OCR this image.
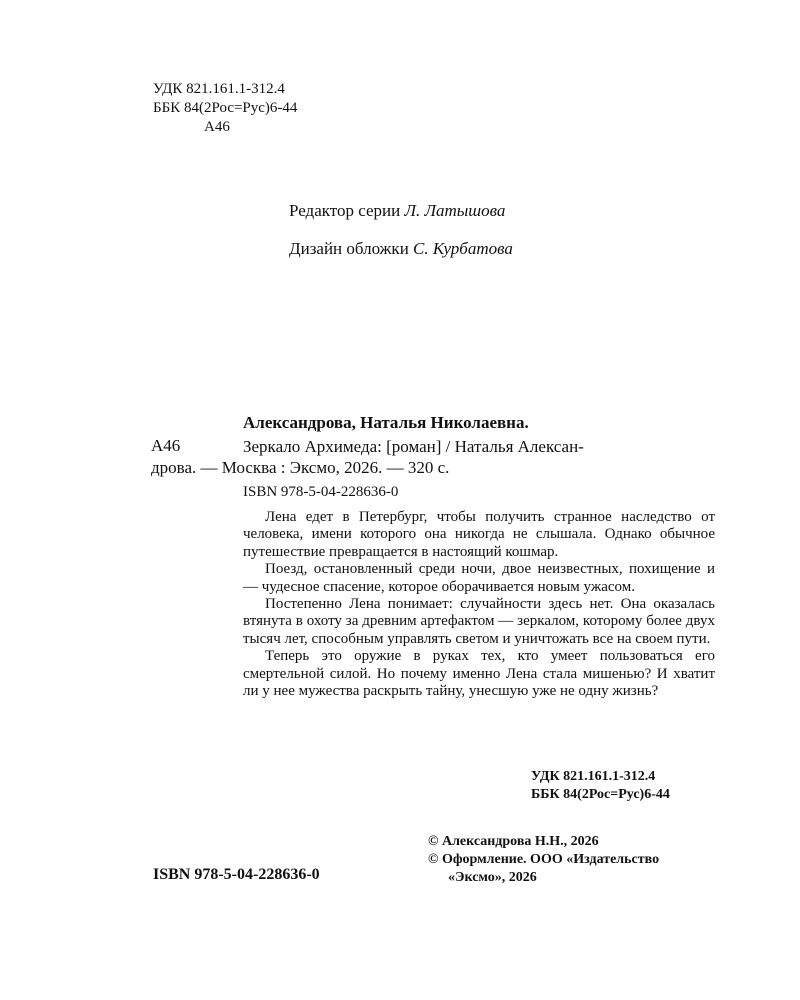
УДК 821.161.1-312.4
ББК 84(2Рос=Рус)6-44
А46
Редактор серии Л. Латышова
Дизайн обложки С. Курбатова
Александрова, Наталья Николаевна.
А46	Зеркало Архимеда: [роман] / Наталья Алексан-
дрова. — Москва : Эксмо, 2026. — 320 с.
ISBN 978-5-04-228636-0

Лена едет в Петербург, чтобы получить странное наследство от человека, имени которого она никогда не слышала. Однако обычное путешествие превращается в настоящий кошмар.

Поезд, остановленный среди ночи, двое неизвестных, похищение и — чудесное спасение, которое оборачивается новым ужасом.

Постепенно Лена понимает: случайности здесь нет. Она оказалась втянута в охоту за древним артефактом — зеркалом, которому более двух тысяч лет, способным управлять светом и уничтожать все на своем пути.

Теперь это оружие в руках тех, кто умеет пользоваться его смертельной силой. Но почему именно Лена стала мишенью? И хватит ли у нее мужества раскрыть тайну, унесшую уже не одну жизнь?

УДК 821.161.1-312.4
ББК 84(2Рос=Рус)6-44
© Александрова Н.Н., 2026
© Оформление. ООО «Издательство
«Эксмо», 2026
ISBN 978-5-04-228636-0
